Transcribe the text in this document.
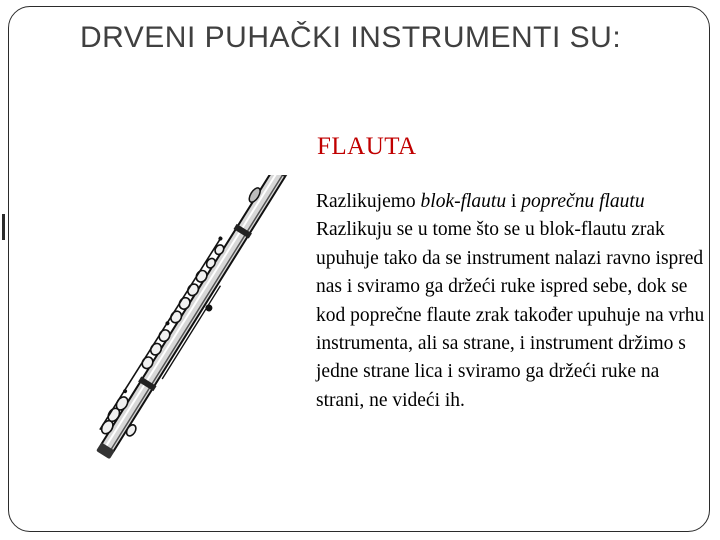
DRVENI PUHAČKI INSTRUMENTI SU:
FLAUTA

Razlikujemo blok-flautu i poprečnu flautu

Razlikuju se u tome što se u blok-flautu zrak upuhuje tako da se instrument nalazi ravno ispred nas i sviramo ga držeći ruke ispred sebe, dok se kod poprečne flaute zrak također upuhuje na vrhu instrumenta, ali sa strane, i instrument držimo s jedne strane lica i sviramo ga držeći ruke na strani, ne videći ih.
